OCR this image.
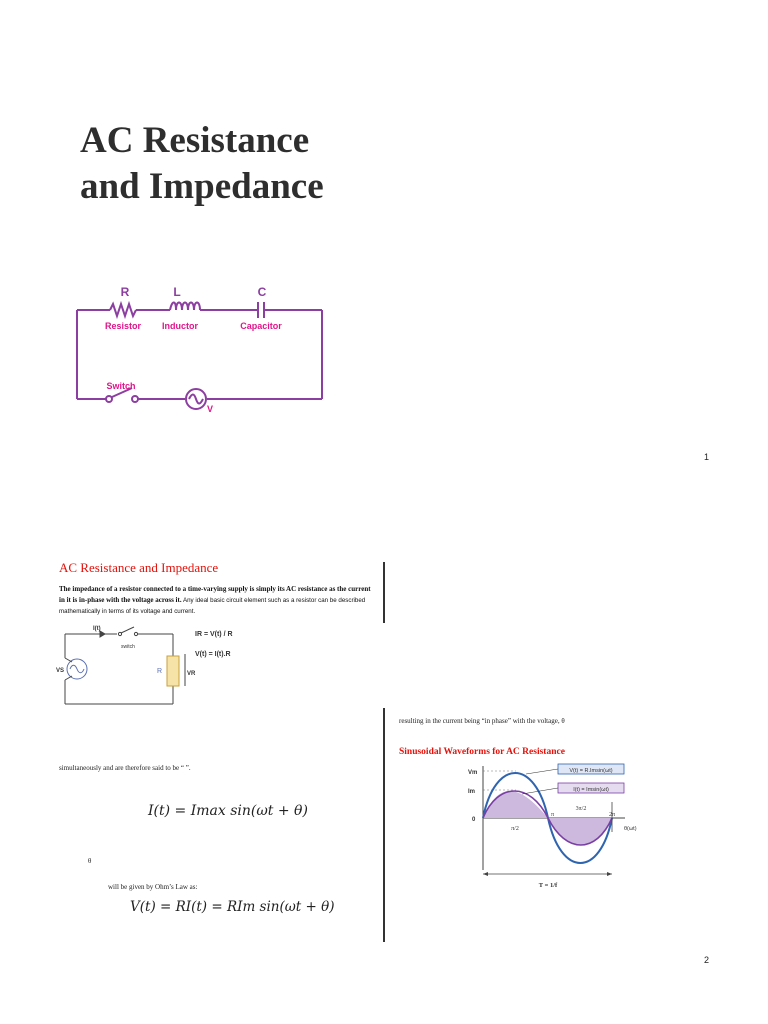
AC Resistance
and Impedance
R	L	C
Resistor Inductor	Capacitor
Switch
V
1
AC Resistance and Impedance
The impedance of a resistor connected to a time-varying supply is simply its AC resistance as the current in it is in-phase with the voltage across it. Any ideal basic circuit element such as a resistor can be described mathematically in terms of its voltage and current.
I(t)
switch
VS	R	VR
IR = V(t) / R
V(t) = I(t).R
simultaneously and are therefore said to be “ ”.
I(t) = Imax sin(ωt + θ)
θ
will be given by Ohm’s Law as:
V(t) = RI(t) = RIm sin(ωt + θ)
resulting in the current being “in phase” with the voltage, θ
Sinusoidal Waveforms for AC Resistance
V(t) = R.Imsin(ωt)
I(t) = Imsin(ωt)
Vm
Im
0
π/2
π
3π/2
2π
θ(ωt)
T = 1/f
2
